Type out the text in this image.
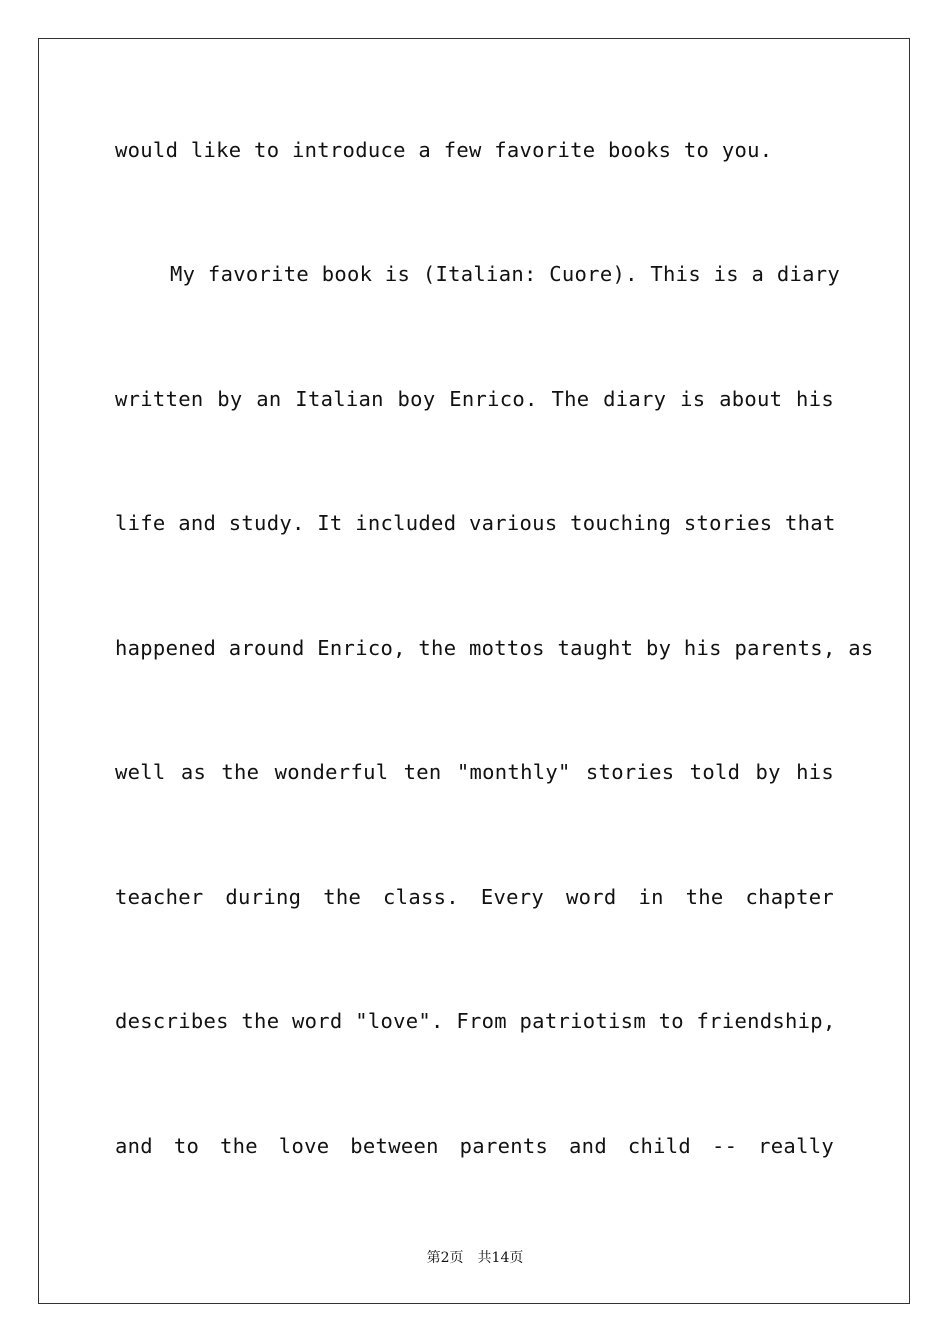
would like to introduce a few favorite books to you.
My favorite book is (Italian: Cuore). This is a diary
written by an Italian boy Enrico. The diary is about his
life and study. It included various touching stories that
happened around Enrico, the mottos taught by his parents, as
well as the wonderful ten "monthly" stories told by his
teacher during the class. Every word in the chapter
describes the word "love". From patriotism to friendship,
and to the love between parents and child -- really
第2页　共14页
